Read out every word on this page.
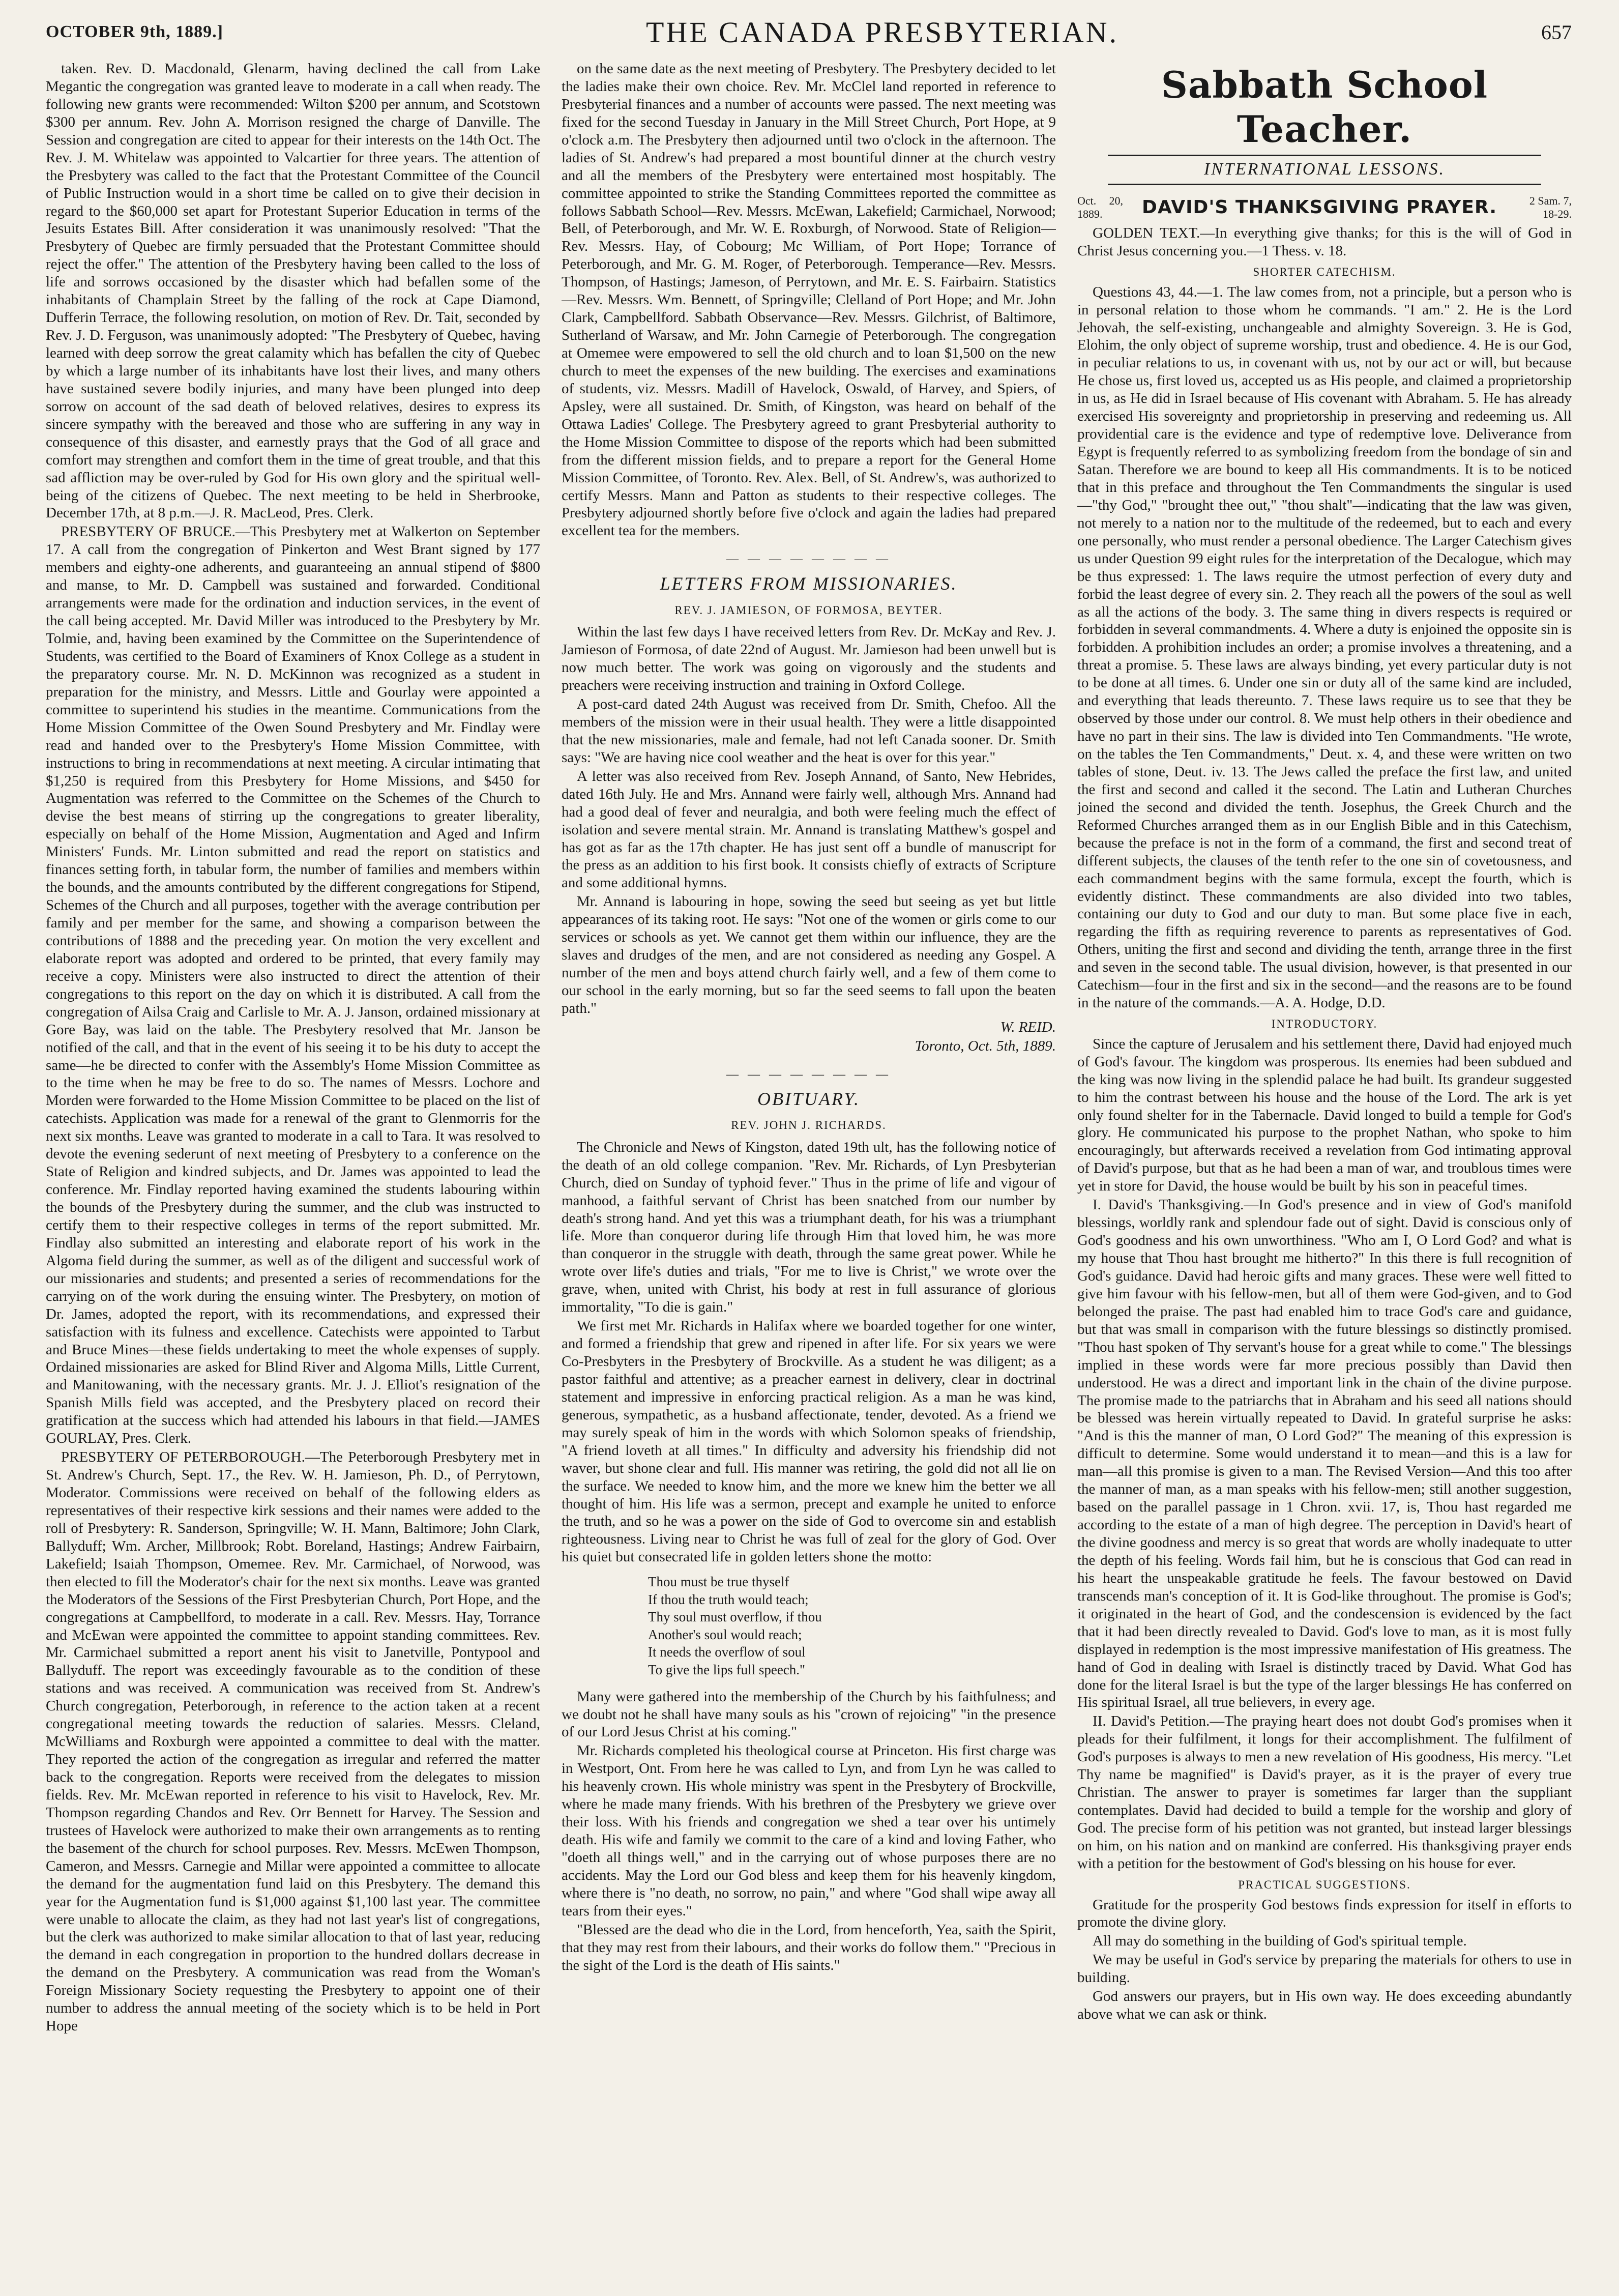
OCTOBER 9th, 1889.]	THE CANADA PRESBYTERIAN.	657

taken. Rev. D. Macdonald, Glenarm, having declined the call from Lake Megantic the congregation was granted leave to moderate in a call when ready. The following new grants were recommended: Wilton $200 per annum, and Scotstown $300 per annum. Rev. John A. Morrison resigned the charge of Danville. The Session and congregation are cited to appear for their interests on the 14th Oct. The Rev. J. M. Whitelaw was appointed to Valcartier for three years. The attention of the Presbytery was called to the fact that the Protestant Committee of the Council of Public Instruction would in a short time be called on to give their decision in regard to the $60,000 set apart for Protestant Superior Education in terms of the Jesuits Estates Bill. After consideration it was unanimously resolved: "That the Presbytery of Quebec are firmly persuaded that the Protestant Committee should reject the offer." The attention of the Presbytery having been called to the loss of life and sorrows occasioned by the disaster which had befallen some of the inhabitants of Champlain Street by the falling of the rock at Cape Diamond, Dufferin Terrace, the following resolution, on motion of Rev. Dr. Tait, seconded by Rev. J. D. Ferguson, was unanimously adopted: "The Presbytery of Quebec, having learned with deep sorrow the great calamity which has befallen the city of Quebec by which a large number of its inhabitants have lost their lives, and many others have sustained severe bodily injuries, and many have been plunged into deep sorrow on account of the sad death of beloved relatives, desires to express its sincere sympathy with the bereaved and those who are suffering in any way in consequence of this disaster, and earnestly prays that the God of all grace and comfort may strengthen and comfort them in the time of great trouble, and that this sad affliction may be over-ruled by God for His own glory and the spiritual well-being of the citizens of Quebec. The next meeting to be held in Sherbrooke, December 17th, at 8 p.m.—J. R. MacLeod, Pres. Clerk.

PRESBYTERY OF BRUCE.—This Presbytery met at Walkerton on September 17. A call from the congregation of Pinkerton and West Brant signed by 177 members and eighty-one adherents, and guaranteeing an annual stipend of $800 and manse, to Mr. D. Campbell was sustained and forwarded. Conditional arrangements were made for the ordination and induction services, in the event of the call being accepted. Mr. David Miller was introduced to the Presbytery by Mr. Tolmie, and, having been examined by the Committee on the Superintendence of Students, was certified to the Board of Examiners of Knox College as a student in the preparatory course. Mr. N. D. McKinnon was recognized as a student in preparation for the ministry, and Messrs. Little and Gourlay were appointed a committee to superintend his studies in the meantime. Communications from the Home Mission Committee of the Owen Sound Presbytery and Mr. Findlay were read and handed over to the Presbytery's Home Mission Committee, with instructions to bring in recommendations at next meeting. A circular intimating that $1,250 is required from this Presbytery for Home Missions, and $450 for Augmentation was referred to the Committee on the Schemes of the Church to devise the best means of stirring up the congregations to greater liberality, especially on behalf of the Home Mission, Augmentation and Aged and Infirm Ministers' Funds. Mr. Linton submitted and read the report on statistics and finances setting forth, in tabular form, the number of families and members within the bounds, and the amounts contributed by the different congregations for Stipend, Schemes of the Church and all purposes, together with the average contribution per family and per member for the same, and showing a comparison between the contributions of 1888 and the preceding year. On motion the very excellent and elaborate report was adopted and ordered to be printed, that every family may receive a copy. Ministers were also instructed to direct the attention of their congregations to this report on the day on which it is distributed. A call from the congregation of Ailsa Craig and Carlisle to Mr. A. J. Janson, ordained missionary at Gore Bay, was laid on the table. The Presbytery resolved that Mr. Janson be notified of the call, and that in the event of his seeing it to be his duty to accept the same—he be directed to confer with the Assembly's Home Mission Committee as to the time when he may be free to do so. The names of Messrs. Lochore and Morden were forwarded to the Home Mission Committee to be placed on the list of catechists. Application was made for a renewal of the grant to Glenmorris for the next six months. Leave was granted to moderate in a call to Tara. It was resolved to devote the evening sederunt of next meeting of Presbytery to a conference on the State of Religion and kindred subjects, and Dr. James was appointed to lead the conference. Mr. Findlay reported having examined the students labouring within the bounds of the Presbytery during the summer, and the club was instructed to certify them to their respective colleges in terms of the report submitted. Mr. Findlay also submitted an interesting and elaborate report of his work in the Algoma field during the summer, as well as of the diligent and successful work of our missionaries and students; and presented a series of recommendations for the carrying on of the work during the ensuing winter. The Presbytery, on motion of Dr. James, adopted the report, with its recommendations, and expressed their satisfaction with its fulness and excellence. Catechists were appointed to Tarbut and Bruce Mines—these fields undertaking to meet the whole expenses of supply. Ordained missionaries are asked for Blind River and Algoma Mills, Little Current, and Manitowaning, with the necessary grants. Mr. J. J. Elliot's resignation of the Spanish Mills field was accepted, and the Presbytery placed on record their gratification at the success which had attended his labours in that field.—JAMES GOURLAY, Pres. Clerk.

PRESBYTERY OF PETERBOROUGH.—The Peterborough Presbytery met in St. Andrew's Church, Sept. 17., the Rev. W. H. Jamieson, Ph. D., of Perrytown, Moderator. Commissions were received on behalf of the following elders as representatives of their respective kirk sessions and their names were added to the roll of Presbytery: R. Sanderson, Springville; W. H. Mann, Baltimore; John Clark, Ballyduff; Wm. Archer, Millbrook; Robt. Boreland, Hastings; Andrew Fairbairn, Lakefield; Isaiah Thompson, Omemee. Rev. Mr. Carmichael, of Norwood, was then elected to fill the Moderator's chair for the next six months. Leave was granted the Moderators of the Sessions of the First Presbyterian Church, Port Hope, and the congregations at Campbellford, to moderate in a call. Rev. Messrs. Hay, Torrance and McEwan were appointed the committee to appoint standing committees. Rev. Mr. Carmichael submitted a report anent his visit to Janetville, Pontypool and Ballyduff. The report was exceedingly favourable as to the condition of these stations and was received. A communication was received from St. Andrew's Church congregation, Peterborough, in reference to the action taken at a recent congregational meeting towards the reduction of salaries. Messrs. Cleland, McWilliams and Roxburgh were appointed a committee to deal with the matter. They reported the action of the congregation as irregular and referred the matter back to the congregation. Reports were received from the delegates to mission fields. Rev. Mr. McEwan reported in reference to his visit to Havelock, Rev. Mr. Thompson regarding Chandos and Rev. Orr Bennett for Harvey. The Session and trustees of Havelock were authorized to make their own arrangements as to renting the basement of the church for school purposes. Rev. Messrs. McEwen Thompson, Cameron, and Messrs. Carnegie and Millar were appointed a committee to allocate the demand for the augmentation fund laid on this Presbytery. The demand this year for the Augmentation fund is $1,000 against $1,100 last year. The committee were unable to allocate the claim, as they had not last year's list of congregations, but the clerk was authorized to make similar allocation to that of last year, reducing the demand in each congregation in proportion to the hundred dollars decrease in the demand on the Presbytery. A communication was read from the Woman's Foreign Missionary Society requesting the Presbytery to appoint one of their number to address the annual meeting of the society which is to be held in Port Hope

on the same date as the next meeting of Presbytery. The Presbytery decided to let the ladies make their own choice. Rev. Mr. McClel land reported in reference to Presbyterial finances and a number of accounts were passed. The next meeting was fixed for the second Tuesday in January in the Mill Street Church, Port Hope, at 9 o'clock a.m. The Presbytery then adjourned until two o'clock in the afternoon. The ladies of St. Andrew's had prepared a most bountiful dinner at the church vestry and all the members of the Presbytery were entertained most hospitably. The committee appointed to strike the Standing Committees reported the committee as follows Sabbath School—Rev. Messrs. McEwan, Lakefield; Carmichael, Norwood; Bell, of Peterborough, and Mr. W. E. Roxburgh, of Norwood. State of Religion—Rev. Messrs. Hay, of Cobourg; Mc William, of Port Hope; Torrance of Peterborough, and Mr. G. M. Roger, of Peterborough. Temperance—Rev. Messrs. Thompson, of Hastings; Jameson, of Perrytown, and Mr. E. S. Fairbairn. Statistics—Rev. Messrs. Wm. Bennett, of Springville; Clelland of Port Hope; and Mr. John Clark, Campbellford. Sabbath Observance—Rev. Messrs. Gilchrist, of Baltimore, Sutherland of Warsaw, and Mr. John Carnegie of Peterborough. The congregation at Omemee were empowered to sell the old church and to loan $1,500 on the new church to meet the expenses of the new building. The exercises and examinations of students, viz. Messrs. Madill of Havelock, Oswald, of Harvey, and Spiers, of Apsley, were all sustained. Dr. Smith, of Kingston, was heard on behalf of the Ottawa Ladies' College. The Presbytery agreed to grant Presbyterial authority to the Home Mission Committee to dispose of the reports which had been submitted from the different mission fields, and to prepare a report for the General Home Mission Committee, of Toronto. Rev. Alex. Bell, of St. Andrew's, was authorized to certify Messrs. Mann and Patton as students to their respective colleges. The Presbytery adjourned shortly before five o'clock and again the ladies had prepared excellent tea for the members.

— — — — — — — —
LETTERS FROM MISSIONARIES.
REV. J. JAMIESON, OF FORMOSA, BEYTER.

Within the last few days I have received letters from Rev. Dr. McKay and Rev. J. Jamieson of Formosa, of date 22nd of August. Mr. Jamieson had been unwell but is now much better. The work was going on vigorously and the students and preachers were receiving instruction and training in Oxford College.

A post-card dated 24th August was received from Dr. Smith, Chefoo. All the members of the mission were in their usual health. They were a little disappointed that the new missionaries, male and female, had not left Canada sooner. Dr. Smith says: "We are having nice cool weather and the heat is over for this year."

A letter was also received from Rev. Joseph Annand, of Santo, New Hebrides, dated 16th July. He and Mrs. Annand were fairly well, although Mrs. Annand had had a good deal of fever and neuralgia, and both were feeling much the effect of isolation and severe mental strain. Mr. Annand is translating Matthew's gospel and has got as far as the 17th chapter. He has just sent off a bundle of manuscript for the press as an addition to his first book. It consists chiefly of extracts of Scripture and some additional hymns.

Mr. Annand is labouring in hope, sowing the seed but seeing as yet but little appearances of its taking root. He says: "Not one of the women or girls come to our services or schools as yet. We cannot get them within our influence, they are the slaves and drudges of the men, and are not considered as needing any Gospel. A number of the men and boys attend church fairly well, and a few of them come to our school in the early morning, but so far the seed seems to fall upon the beaten path."

W. REID.

Toronto, Oct. 5th, 1889.

— — — — — — — —
OBITUARY.
REV. JOHN J. RICHARDS.

The Chronicle and News of Kingston, dated 19th ult, has the following notice of the death of an old college companion. "Rev. Mr. Richards, of Lyn Presbyterian Church, died on Sunday of typhoid fever." Thus in the prime of life and vigour of manhood, a faithful servant of Christ has been snatched from our number by death's strong hand. And yet this was a triumphant death, for his was a triumphant life. More than conqueror during life through Him that loved him, he was more than conqueror in the struggle with death, through the same great power. While he wrote over life's duties and trials, "For me to live is Christ," we wrote over the grave, when, united with Christ, his body at rest in full assurance of glorious immortality, "To die is gain."

We first met Mr. Richards in Halifax where we boarded together for one winter, and formed a friendship that grew and ripened in after life. For six years we were Co-Presbyters in the Presbytery of Brockville. As a student he was diligent; as a pastor faithful and attentive; as a preacher earnest in delivery, clear in doctrinal statement and impressive in enforcing practical religion. As a man he was kind, generous, sympathetic, as a husband affectionate, tender, devoted. As a friend we may surely speak of him in the words with which Solomon speaks of friendship, "A friend loveth at all times." In difficulty and adversity his friendship did not waver, but shone clear and full. His manner was retiring, the gold did not all lie on the surface. We needed to know him, and the more we knew him the better we all thought of him. His life was a sermon, precept and example he united to enforce the truth, and so he was a power on the side of God to overcome sin and establish righteousness. Living near to Christ he was full of zeal for the glory of God. Over his quiet but consecrated life in golden letters shone the motto:

Thou must be true thyself
If thou the truth would teach;
Thy soul must overflow, if thou
Another's soul would reach;
It needs the overflow of soul
To give the lips full speech."

Many were gathered into the membership of the Church by his faithfulness; and we doubt not he shall have many souls as his "crown of rejoicing" "in the presence of our Lord Jesus Christ at his coming."

Mr. Richards completed his theological course at Princeton. His first charge was in Westport, Ont. From here he was called to Lyn, and from Lyn he was called to his heavenly crown. His whole ministry was spent in the Presbytery of Brockville, where he made many friends. With his brethren of the Presbytery we grieve over their loss. With his friends and congregation we shed a tear over his untimely death. His wife and family we commit to the care of a kind and loving Father, who "doeth all things well," and in the carrying out of whose purposes there are no accidents. May the Lord our God bless and keep them for his heavenly kingdom, where there is "no death, no sorrow, no pain," and where "God shall wipe away all tears from their eyes."

"Blessed are the dead who die in the Lord, from henceforth, Yea, saith the Spirit, that they may rest from their labours, and their works do follow them." "Precious in the sight of the Lord is the death of His saints."

Sabbath School Teacher.
INTERNATIONAL LESSONS.
Oct. 20, 1889.	DAVID'S THANKSGIVING PRAYER.	2 Sam. 7, 18-29.

GOLDEN TEXT.—In everything give thanks; for this is the will of God in Christ Jesus concerning you.—1 Thess. v. 18.

SHORTER CATECHISM.

Questions 43, 44.—1. The law comes from, not a principle, but a person who is in personal relation to those whom he commands. "I am." 2. He is the Lord Jehovah, the self-existing, unchangeable and almighty Sovereign. 3. He is God, Elohim, the only object of supreme worship, trust and obedience. 4. He is our God, in peculiar relations to us, in covenant with us, not by our act or will, but because He chose us, first loved us, accepted us as His people, and claimed a proprietorship in us, as He did in Israel because of His covenant with Abraham. 5. He has already exercised His sovereignty and proprietorship in preserving and redeeming us. All providential care is the evidence and type of redemptive love. Deliverance from Egypt is frequently referred to as symbolizing freedom from the bondage of sin and Satan. Therefore we are bound to keep all His commandments. It is to be noticed that in this preface and throughout the Ten Commandments the singular is used—"thy God," "brought thee out," "thou shalt"—indicating that the law was given, not merely to a nation nor to the multitude of the redeemed, but to each and every one personally, who must render a personal obedience. The Larger Catechism gives us under Question 99 eight rules for the interpretation of the Decalogue, which may be thus expressed: 1. The laws require the utmost perfection of every duty and forbid the least degree of every sin. 2. They reach all the powers of the soul as well as all the actions of the body. 3. The same thing in divers respects is required or forbidden in several commandments. 4. Where a duty is enjoined the opposite sin is forbidden. A prohibition includes an order; a promise involves a threatening, and a threat a promise. 5. These laws are always binding, yet every particular duty is not to be done at all times. 6. Under one sin or duty all of the same kind are included, and everything that leads thereunto. 7. These laws require us to see that they be observed by those under our control. 8. We must help others in their obedience and have no part in their sins. The law is divided into Ten Commandments. "He wrote, on the tables the Ten Commandments," Deut. x. 4, and these were written on two tables of stone, Deut. iv. 13. The Jews called the preface the first law, and united the first and second and called it the second. The Latin and Lutheran Churches joined the second and divided the tenth. Josephus, the Greek Church and the Reformed Churches arranged them as in our English Bible and in this Catechism, because the preface is not in the form of a command, the first and second treat of different subjects, the clauses of the tenth refer to the one sin of covetousness, and each commandment begins with the same formula, except the fourth, which is evidently distinct. These commandments are also divided into two tables, containing our duty to God and our duty to man. But some place five in each, regarding the fifth as requiring reverence to parents as representatives of God. Others, uniting the first and second and dividing the tenth, arrange three in the first and seven in the second table. The usual division, however, is that presented in our Catechism—four in the first and six in the second—and the reasons are to be found in the nature of the commands.—A. A. Hodge, D.D.

INTRODUCTORY.

Since the capture of Jerusalem and his settlement there, David had enjoyed much of God's favour. The kingdom was prosperous. Its enemies had been subdued and the king was now living in the splendid palace he had built. Its grandeur suggested to him the contrast between his house and the house of the Lord. The ark is yet only found shelter for in the Tabernacle. David longed to build a temple for God's glory. He communicated his purpose to the prophet Nathan, who spoke to him encouragingly, but afterwards received a revelation from God intimating approval of David's purpose, but that as he had been a man of war, and troublous times were yet in store for David, the house would be built by his son in peaceful times.

I. David's Thanksgiving.—In God's presence and in view of God's manifold blessings, worldly rank and splendour fade out of sight. David is conscious only of God's goodness and his own unworthiness. "Who am I, O Lord God? and what is my house that Thou hast brought me hitherto?" In this there is full recognition of God's guidance. David had heroic gifts and many graces. These were well fitted to give him favour with his fellow-men, but all of them were God-given, and to God belonged the praise. The past had enabled him to trace God's care and guidance, but that was small in comparison with the future blessings so distinctly promised. "Thou hast spoken of Thy servant's house for a great while to come." The blessings implied in these words were far more precious possibly than David then understood. He was a direct and important link in the chain of the divine purpose. The promise made to the patriarchs that in Abraham and his seed all nations should be blessed was herein virtually repeated to David. In grateful surprise he asks: "And is this the manner of man, O Lord God?" The meaning of this expression is difficult to determine. Some would understand it to mean—and this is a law for man—all this promise is given to a man. The Revised Version—And this too after the manner of man, as a man speaks with his fellow-men; still another suggestion, based on the parallel passage in 1 Chron. xvii. 17, is, Thou hast regarded me according to the estate of a man of high degree. The perception in David's heart of the divine goodness and mercy is so great that words are wholly inadequate to utter the depth of his feeling. Words fail him, but he is conscious that God can read in his heart the unspeakable gratitude he feels. The favour bestowed on David transcends man's conception of it. It is God-like throughout. The promise is God's; it originated in the heart of God, and the condescension is evidenced by the fact that it had been directly revealed to David. God's love to man, as it is most fully displayed in redemption is the most impressive manifestation of His greatness. The hand of God in dealing with Israel is distinctly traced by David. What God has done for the literal Israel is but the type of the larger blessings He has conferred on His spiritual Israel, all true believers, in every age.

II. David's Petition.—The praying heart does not doubt God's promises when it pleads for their fulfilment, it longs for their accomplishment. The fulfilment of God's purposes is always to men a new revelation of His goodness, His mercy. "Let Thy name be magnified" is David's prayer, as it is the prayer of every true Christian. The answer to prayer is sometimes far larger than the suppliant contemplates. David had decided to build a temple for the worship and glory of God. The precise form of his petition was not granted, but instead larger blessings on him, on his nation and on mankind are conferred. His thanksgiving prayer ends with a petition for the bestowment of God's blessing on his house for ever.

PRACTICAL SUGGESTIONS.

Gratitude for the prosperity God bestows finds expression for itself in efforts to promote the divine glory.

All may do something in the building of God's spiritual temple.

We may be useful in God's service by preparing the materials for others to use in building.

God answers our prayers, but in His own way. He does exceeding abundantly above what we can ask or think.
